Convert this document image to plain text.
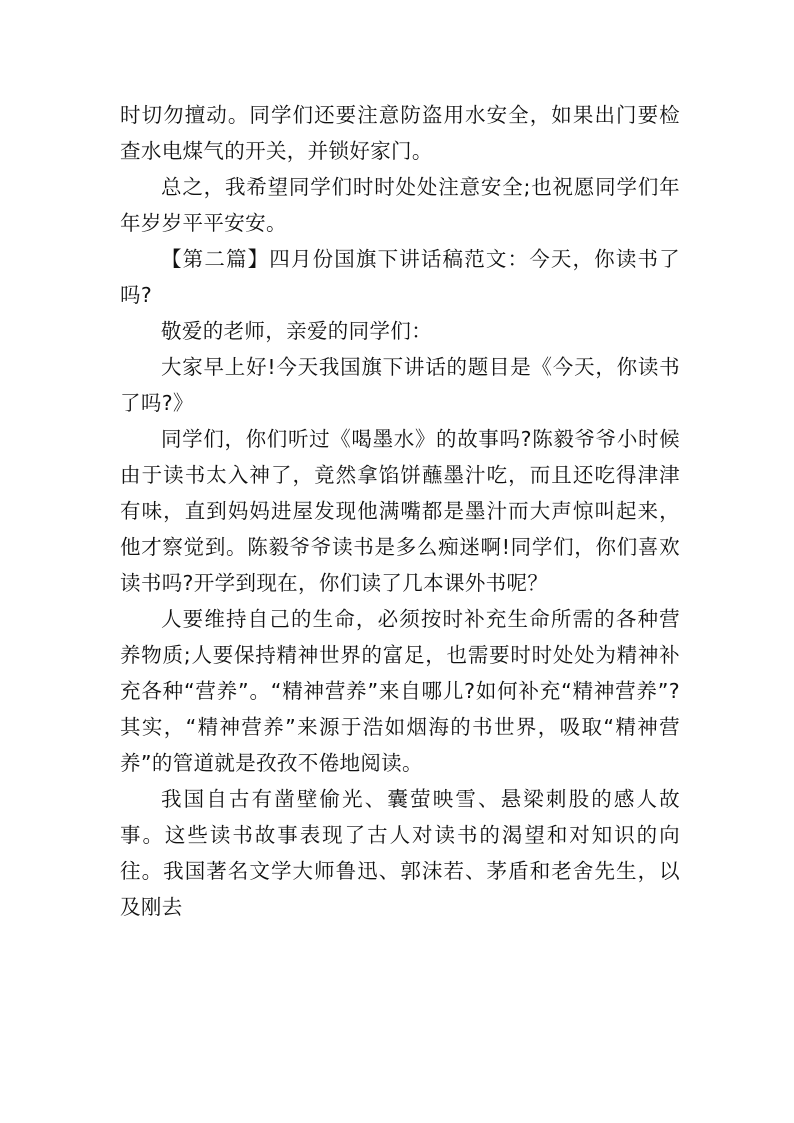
时切勿擅动。同学们还要注意防盗用水安全，如果出门要检查水电煤气的开关，并锁好家门。

总之，我希望同学们时时处处注意安全;也祝愿同学们年年岁岁平平安安。

【第二篇】四月份国旗下讲话稿范文：今天，你读书了吗?

敬爱的老师，亲爱的同学们：

大家早上好!今天我国旗下讲话的题目是《今天，你读书了吗?》

同学们，你们听过《喝墨水》的故事吗?陈毅爷爷小时候由于读书太入神了，竟然拿馅饼蘸墨汁吃，而且还吃得津津有味，直到妈妈进屋发现他满嘴都是墨汁而大声惊叫起来，他才察觉到。陈毅爷爷读书是多么痴迷啊!同学们，你们喜欢读书吗?开学到现在，你们读了几本课外书呢？

人要维持自己的生命，必须按时补充生命所需的各种营养物质;人要保持精神世界的富足，也需要时时处处为精神补充各种“营养”。“精神营养”来自哪儿?如何补充“精神营养”?其实，“精神营养”来源于浩如烟海的书世界，吸取“精神营养”的管道就是孜孜不倦地阅读。

我国自古有凿壁偷光、囊萤映雪、悬梁刺股的感人故事。这些读书故事表现了古人对读书的渴望和对知识的向往。我国著名文学大师鲁迅、郭沫若、茅盾和老舍先生，以及刚去
